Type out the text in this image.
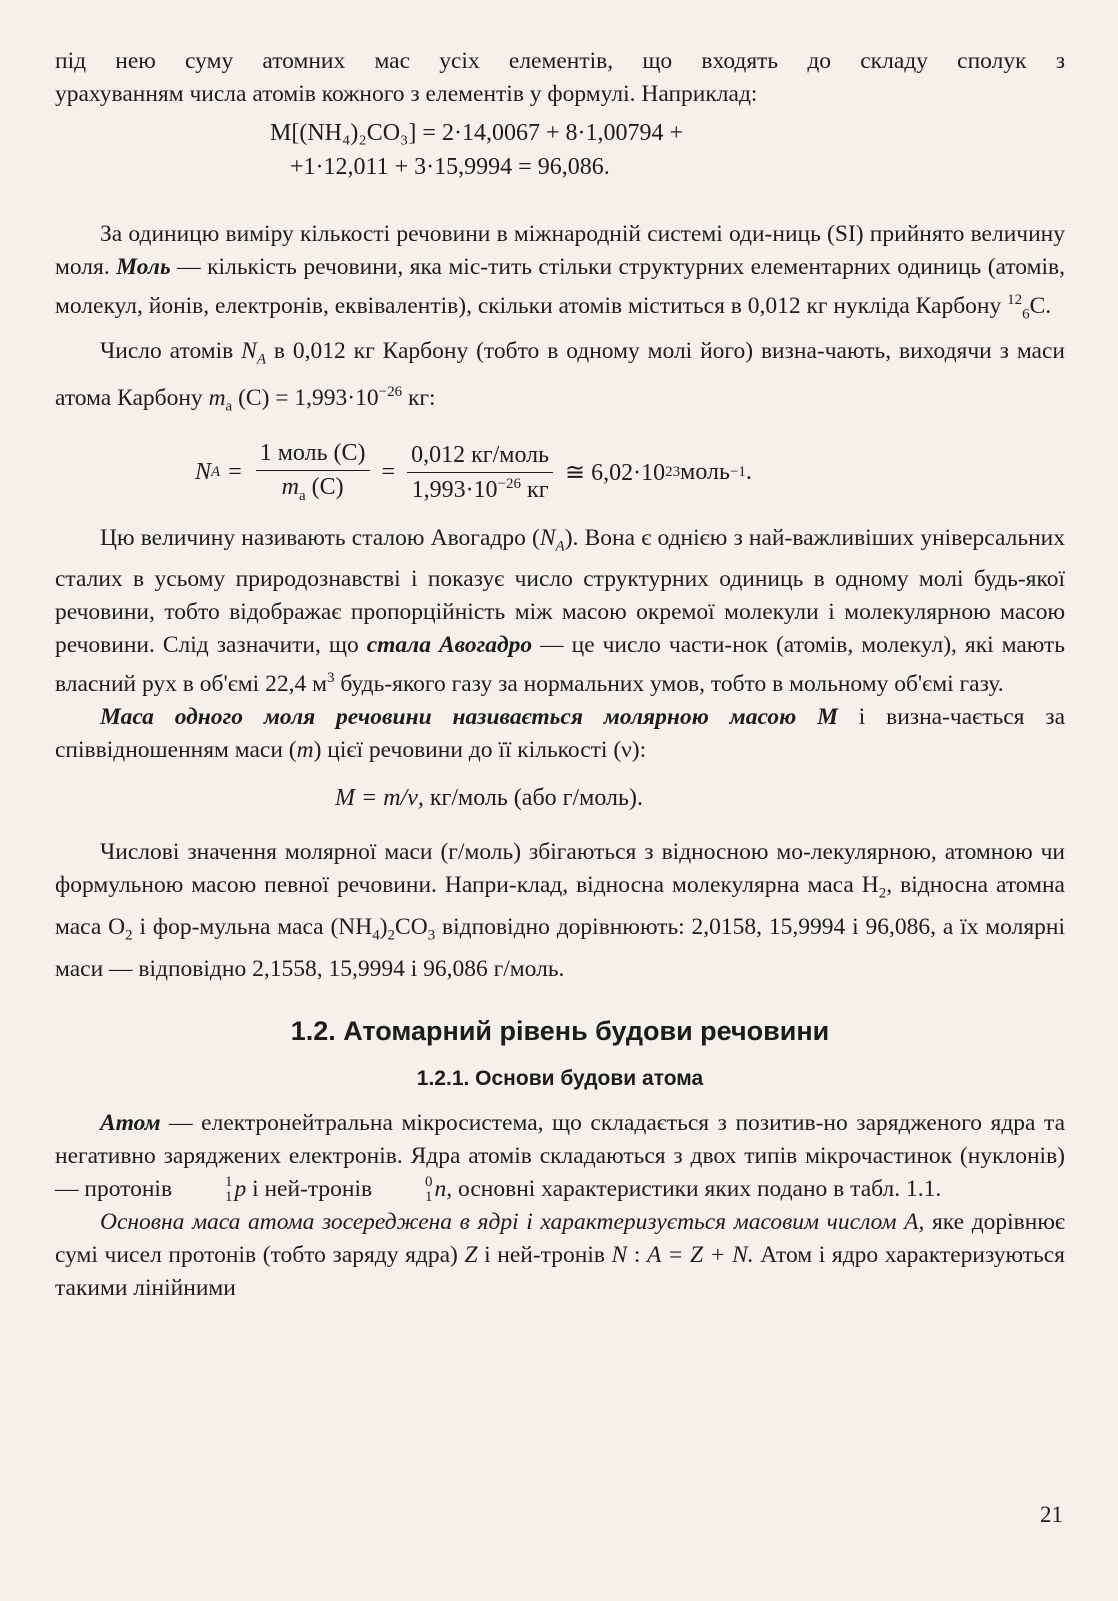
під нею суму атомних мас усіх елементів, що входять до складу сполук з

урахуванням числа атомів кожного з елементів у формулі. Наприклад:

M[(NH₄)₂CO₃] = 2·14,0067 + 8·1,00794 +
+1·12,011 + 3·15,9994 = 96,086.

За одиницю виміру кількості речовини в міжнародній системі оди-ниць (SI) прийнято величину моля. Моль — кількість речовини, яка міс-тить стільки структурних елементарних одиниць (атомів, молекул, йонів, електронів, еквівалентів), скільки атомів міститься в 0,012 кг нукліда Карбону $^{12}_6$C.

Число атомів $N_A$ в 0,012 кг Карбону (тобто в одному молі його) визна-чають, виходячи з маси атома Карбону $m_а$ $(C) = 1,993\cdot 10^{-26}$ кг:

N $A = \frac{\text{1 моль (C)}}{m_а (C)} = \frac{\text{0,012 кг/моль}}{1,993\cdot 10^{-26} кг}$ ≅ 6,02·10 23 моль −1 .

Цю величину називають сталою Авогадро $(N_A)$. Вона є однією з най-важливіших універсальних сталих в усьому природознавстві і показує число структурних одиниць в одному молі будь-якої речовини, тобто відображає пропорційність між масою окремої молекули і молекулярною масою речовини. Слід зазначити, що стала Авогадро — це число части-нок (атомів, молекул), які мають власний рух в об'ємі 22,4 $м^3$ будь-якого газу за нормальних умов, тобто в мольному об'ємі газу.

Маса одного моля речовини називається молярною масою M і визна-чається за співвідношенням маси (m) цієї речовини до її кількості (ν):

M = m/ν, кг/моль (або г/моль).

Числові значення молярної маси (г/моль) збігаються з відносною мо-лекулярною, атомною чи формульною масою певної речовини. Напри-клад, відносна молекулярна маса $H_2$, відносна атомна маса $O_2$ і фор-мульна маса $(NH_4)_2CO_3$ відповідно дорівнюють: 2,0158, 15,9994 і 96,086, а їх молярні маси — відповідно 2,1558, 15,9994 і 96,086 г/моль.

1.2. Атомарний рівень будови речовини
1.2.1. Основи будови атома

Атом — електронейтральна мікросистема, що складається з позитив-но зарядженого ядра та негативно заряджених електронів. Ядра атомів складаються з двох типів мікрочастинок (нуклонів) — протонів	1
1 p і ней-тронів	0
1 n, основні характеристики яких подано в табл. 1.1.

Основна маса атома зосереджена в ядрі і характеризується масовим числом A, яке дорівнює сумі чисел протонів (тобто заряду ядра) Z і ней-тронів N : A = Z + N. Атом і ядро характеризуються такими лінійними

21
